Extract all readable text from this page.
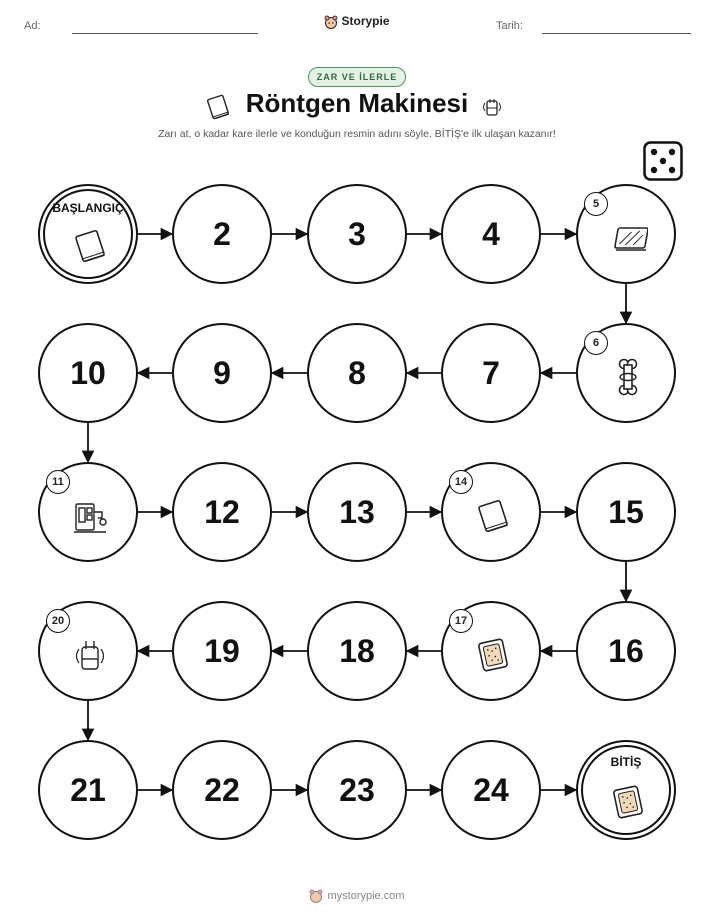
Ad:	Storypie	Tarih:
ZAR VE İLERLE
Röntgen Makinesi
Zarı at, o kadar kare ilerle ve konduğun resmin adını söyle. BİTİŞ'e ilk ulaşan kazanır!
BAŞLANGIÇ
2	3	4
5
6
7
8
9
10
11
12	13
14
15
16
17
18
19
20
21	22	23	24
BİTİŞ
mystorypie.com
